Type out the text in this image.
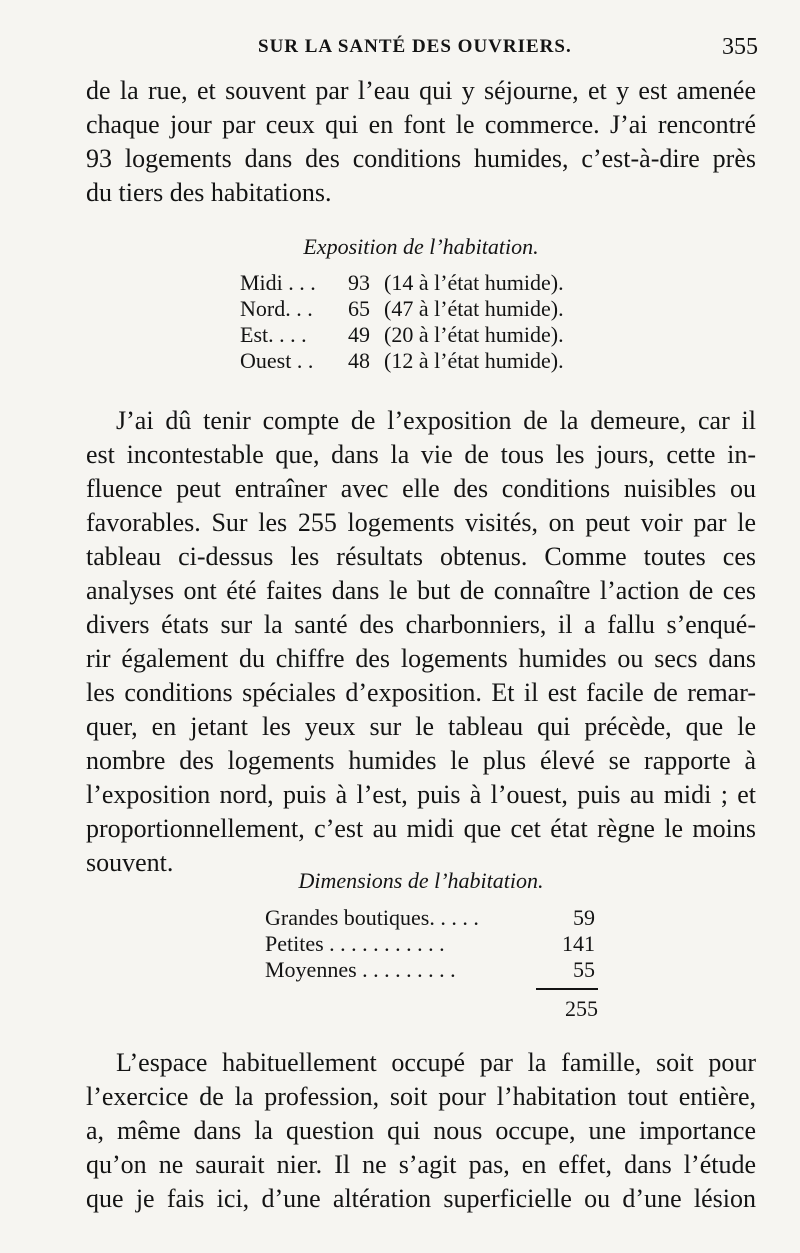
SUR LA SANTÉ DES OUVRIERS.	355

de la rue, et souvent par l’eau qui y séjourne, et y est amenée
chaque jour par ceux qui en font le commerce. J’ai rencontré
93 logements dans des conditions humides, c’est-à-dire près
du tiers des habitations.

Exposition de l’habitation.
Midi . . .	93 (14 à l’état humide).
Nord. . .	65 (47 à l’état humide).
Est. . . .	49 (20 à l’état humide).
Ouest . .	48 (12 à l’état humide).

J’ai dû tenir compte de l’exposition de la demeure, car il
est incontestable que, dans la vie de tous les jours, cette in-
fluence peut entraîner avec elle des conditions nuisibles ou
favorables. Sur les 255 logements visités, on peut voir par le
tableau ci-dessus les résultats obtenus. Comme toutes ces
analyses ont été faites dans le but de connaître l’action de ces
divers états sur la santé des charbonniers, il a fallu s’enqué-
rir également du chiffre des logements humides ou secs dans
les conditions spéciales d’exposition. Et il est facile de remar-
quer, en jetant les yeux sur le tableau qui précède, que le
nombre des logements humides le plus élevé se rapporte à
l’exposition nord, puis à l’est, puis à l’ouest, puis au midi ; et
proportionnellement, c’est au midi que cet état règne le moins
souvent.

Dimensions de l’habitation.
Grandes boutiques. . . . .	59
Petites . . . . . . . . . . .	141
Moyennes . . . . . . . . .	55
255

L’espace habituellement occupé par la famille, soit pour
l’exercice de la profession, soit pour l’habitation tout entière,
a, même dans la question qui nous occupe, une importance
qu’on ne saurait nier. Il ne s’agit pas, en effet, dans l’étude
que je fais ici, d’une altération superficielle ou d’une lésion
